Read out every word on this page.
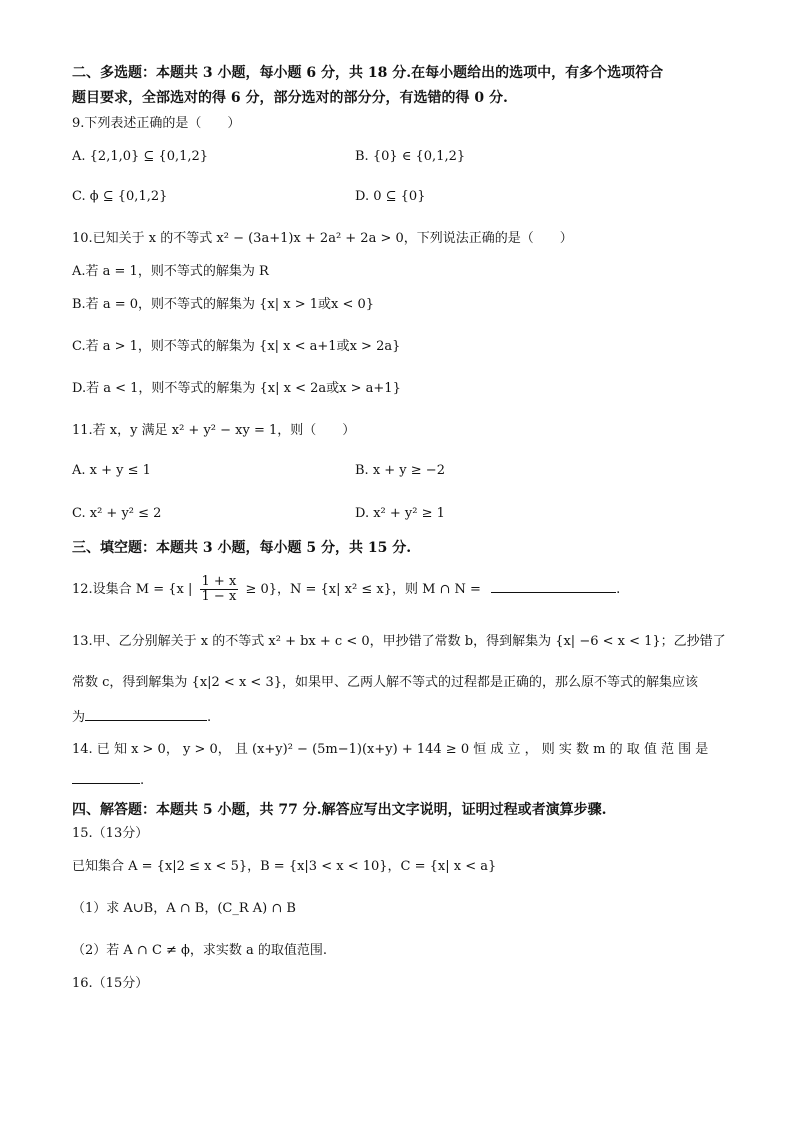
二、多选题：本题共 3 小题，每小题 6 分，共 18 分.在每小题给出的选项中，有多个选项符合
题目要求，全部选对的得 6 分，部分选对的部分分，有选错的得 0 分.
9.下列表述正确的是（　　）
A. {2,1,0} ⊆ {0,1,2}	B. {0} ∈ {0,1,2}
C. ϕ ⊆ {0,1,2}	D. 0 ⊆ {0}
10.已知关于 x 的不等式 x² − (3a+1)x + 2a² + 2a > 0，下列说法正确的是（　　）
A.若 a = 1，则不等式的解集为 R
B.若 a = 0，则不等式的解集为 {x| x > 1或x < 0}
C.若 a > 1，则不等式的解集为 {x| x < a+1或x > 2a}
D.若 a < 1，则不等式的解集为 {x| x < 2a或x > a+1}
11.若 x，y 满足 x² + y² − xy = 1，则（　　）
A. x + y ≤ 1	B. x + y ≥ −2
C. x² + y² ≤ 2	D. x² + y² ≥ 1
三、填空题：本题共 3 小题，每小题 5 分，共 15 分.
12.设集合 M = {x | $\frac{1 + x}{1 - x} \ge 0$}，N = {x| x² ≤ x}，则 M ∩ N =	.
13.甲、乙分别解关于 x 的不等式 x² + bx + c < 0，甲抄错了常数 b，得到解集为 {x| −6 < x < 1}；乙抄错了
常数 c，得到解集为 {x|2 < x < 3}，如果甲、乙两人解不等式的过程都是正确的，那么原不等式的解集应该
为	.
14. 已 知 x > 0， y > 0， 且 (x+y)² − (5m−1)(x+y) + 144 ≥ 0 恒 成 立 ， 则 实 数 m 的 取 值 范 围 是
.
四、解答题：本题共 5 小题，共 77 分.解答应写出文字说明，证明过程或者演算步骤.
15.（13分）
已知集合 A = {x|2 ≤ x < 5}，B = {x|3 < x < 10}，C = {x| x < a}
（1）求 A∪B，A ∩ B，(C_R A) ∩ B
（2）若 A ∩ C ≠ ϕ，求实数 a 的取值范围.
16.（15分）
